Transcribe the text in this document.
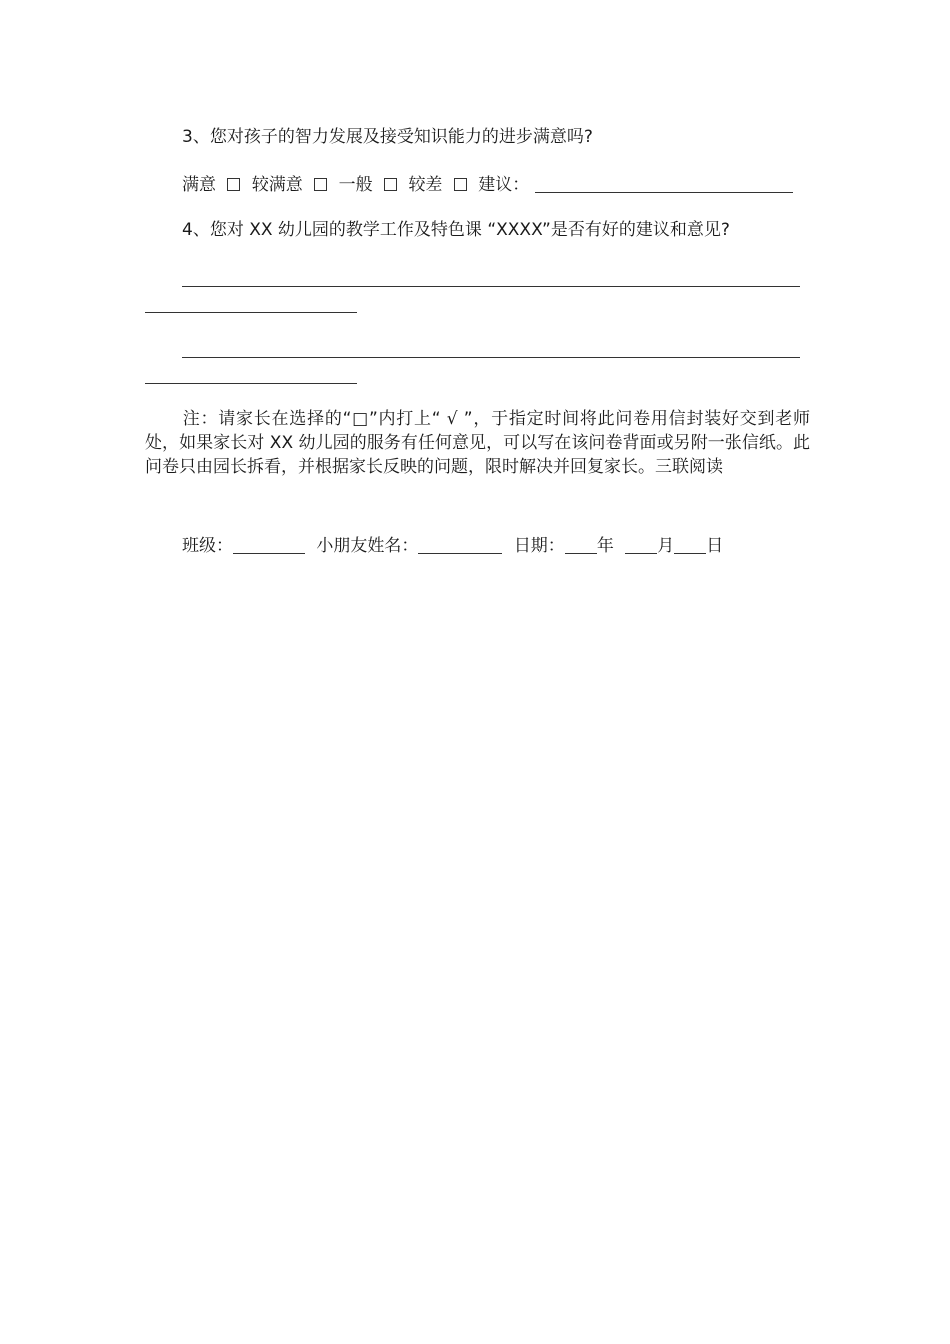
3、您对孩子的智力发展及接受知识能力的进步满意吗?
满意 较满意 一般 较差 建议：
4、您对 XX 幼儿园的教学工作及特色课 “XXXX”是否有好的建议和意见?
注：请家长在选择的“□”内打上“ √ ”，于指定时间将此问卷用信封装好交到老师处，如果家长对 XX 幼儿园的服务有任何意见，可以写在该问卷背面或另附一张信纸。此问卷只由园长拆看，并根据家长反映的问题，限时解决并回复家长。三联阅读
班级：	小朋友姓名：	日期： 年	月 日
